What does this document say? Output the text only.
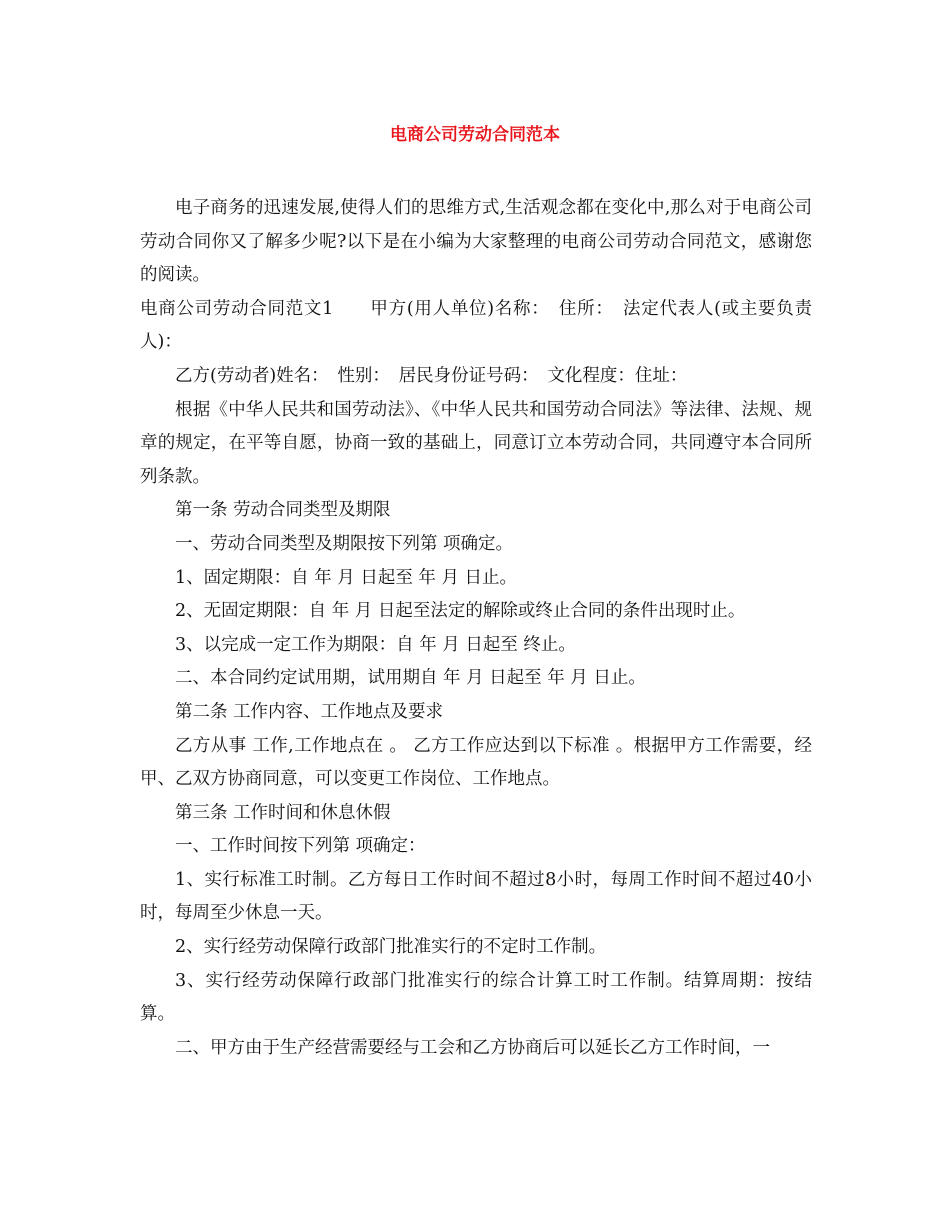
电商公司劳动合同范本

电子商务的迅速发展,使得人们的思维方式,生活观念都在变化中,那么对于电商公司劳动合同你又了解多少呢?以下是在小编为大家整理的电商公司劳动合同范文，感谢您的阅读。

电商公司劳动合同范文1　　甲方(用人单位)名称：　住所：　法定代表人(或主要负责人)：

乙方(劳动者)姓名：　性别：　居民身份证号码：　文化程度：住址：

根据《中华人民共和国劳动法》、《中华人民共和国劳动合同法》等法律、法规、规章的规定，在平等自愿，协商一致的基础上，同意订立本劳动合同，共同遵守本合同所列条款。

第一条 劳动合同类型及期限

一、劳动合同类型及期限按下列第 项确定。

1、固定期限：自 年 月 日起至 年 月 日止。

2、无固定期限：自 年 月 日起至法定的解除或终止合同的条件出现时止。

3、以完成一定工作为期限：自 年 月 日起至 终止。

二、本合同约定试用期，试用期自 年 月 日起至 年 月 日止。

第二条 工作内容、工作地点及要求

乙方从事 工作,工作地点在 。 乙方工作应达到以下标准 。根据甲方工作需要，经甲、乙双方协商同意，可以变更工作岗位、工作地点。

第三条 工作时间和休息休假

一、工作时间按下列第 项确定：

1、实行标准工时制。乙方每日工作时间不超过8小时，每周工作时间不超过40小时，每周至少休息一天。

2、实行经劳动保障行政部门批准实行的不定时工作制。

3、实行经劳动保障行政部门批准实行的综合计算工时工作制。结算周期：按结算。

二、甲方由于生产经营需要经与工会和乙方协商后可以延长乙方工作时间，一
